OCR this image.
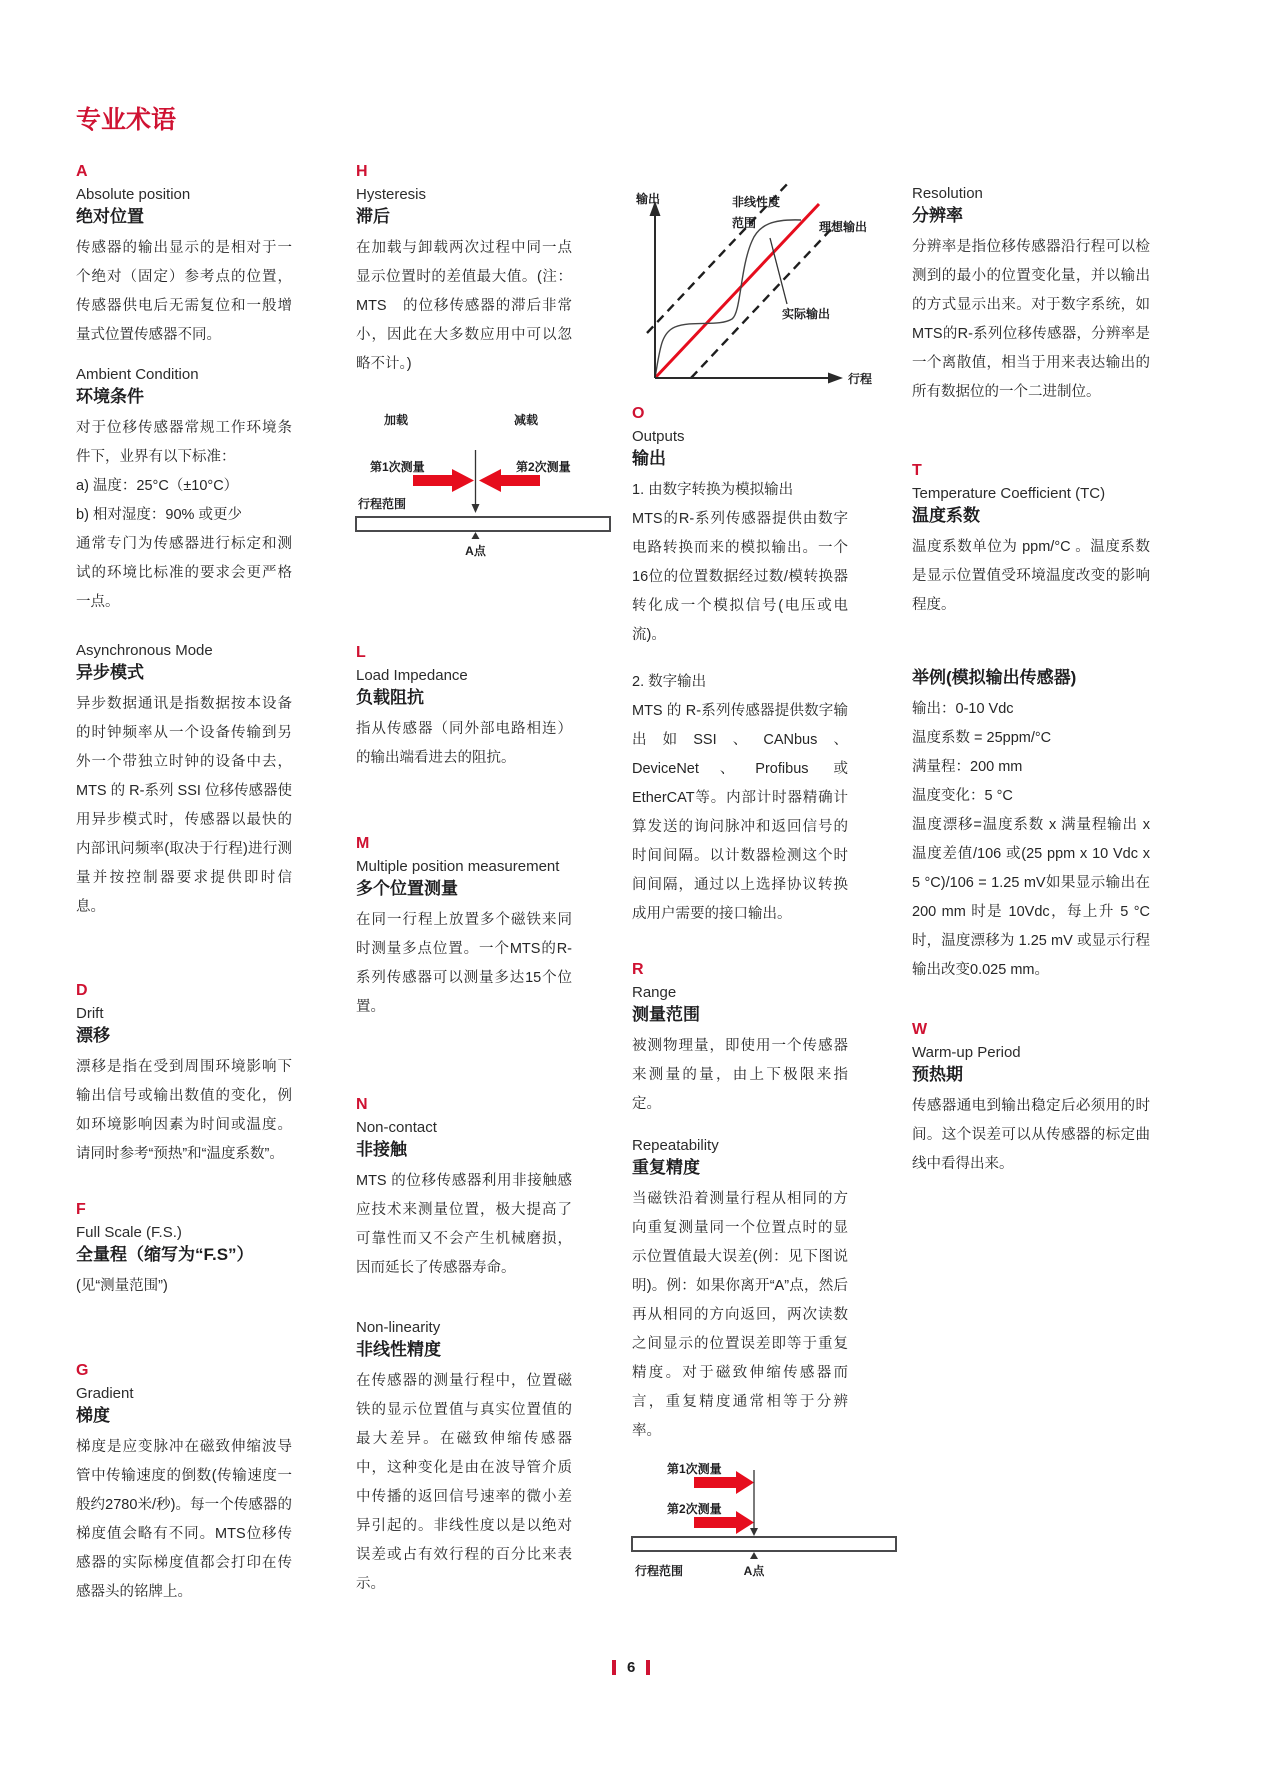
专业术语
A
Absolute position
绝对位置

传感器的输出显示的是相对于一个绝对（固定）参考点的位置，传感器供电后无需复位和一般增量式位置传感器不同。

Ambient Condition
环境条件

对于位移传感器常规工作环境条件下，业界有以下标准：

a) 温度：25°C（±10°C）

b) 相对湿度：90% 或更少

通常专门为传感器进行标定和测试的环境比标准的要求会更严格一点。

Asynchronous Mode
异步模式

异步数据通讯是指数据按本设备的时钟频率从一个设备传输到另外一个带独立时钟的设备中去，MTS 的 R-系列 SSI 位移传感器使用异步模式时，传感器以最快的内部讯问频率(取决于行程)进行测量并按控制器要求提供即时信息。

D
Drift
漂移

漂移是指在受到周围环境影响下输出信号或输出数值的变化，例如环境影响因素为时间或温度。请同时参考“预热”和“温度系数”。

F
Full Scale (F.S.)
全量程（缩写为“F.S”）

(见“测量范围”)

G
Gradient
梯度

梯度是应变脉冲在磁致伸缩波导管中传输速度的倒数(传输速度一般约2780米/秒)。每一个传感器的梯度值会略有不同。MTS位移传感器的实际梯度值都会打印在传感器头的铭牌上。

H
Hysteresis
滞后

在加载与卸载两次过程中同一点显示位置时的差值最大值。(注：MTS　的位移传感器的滞后非常小，因此在大多数应用中可以忽略不计。)

L
Load Impedance
负载阻抗

指从传感器（同外部电路相连）的输出端看进去的阻抗。

M
Multiple position measurement
多个位置测量

在同一行程上放置多个磁铁来同时测量多点位置。一个MTS的R-系列传感器可以测量多达15个位置。

N
Non-contact
非接触

MTS 的位移传感器利用非接触感应技术来测量位置，极大提高了可靠性而又不会产生机械磨损，因而延长了传感器寿命。

Non-linearity
非线性精度

在传感器的测量行程中，位置磁铁的显示位置值与真实位置值的最大差异。在磁致伸缩传感器中，这种变化是由在波导管介质中传播的返回信号速率的微小差异引起的。非线性度以是以绝对误差或占有效行程的百分比来表示。

O
Outputs
输出

1. 由数字转换为模拟输出

MTS的R-系列传感器提供由数字电路转换而来的模拟输出。一个16位的位置数据经过数/模转换器转化成一个模拟信号(电压或电流)。

2. 数字输出

MTS 的 R-系列传感器提供数字输出如SSI、CANbus、DeviceNet、Profibus 或 EtherCAT等。内部计时器精确计算发送的询问脉冲和返回信号的时间间隔。以计数器检测这个时间间隔，通过以上选择协议转换成用户需要的接口输出。

R
Range
测量范围

被测物理量，即使用一个传感器来测量的量，由上下极限来指定。

Repeatability
重复精度

当磁铁沿着测量行程从相同的方向重复测量同一个位置点时的显示位置值最大误差(例：见下图说明)。例：如果你离开“A”点，然后再从相同的方向返回，两次读数之间显示的位置误差即等于重复精度。对于磁致伸缩传感器而言，重复精度通常相等于分辨率。

Resolution
分辨率

分辨率是指位移传感器沿行程可以检测到的最小的位置变化量，并以输出的方式显示出来。对于数字系统，如 MTS的R-系列位移传感器，分辨率是一个离散值，相当于用来表达输出的所有数据位的一个二进制位。

T
Temperature Coefficient (TC)
温度系数

温度系数单位为 ppm/°C 。温度系数是显示位置值受环境温度改变的影响程度。

举例(模拟输出传感器)

输出：0-10 Vdc

温度系数 = 25ppm/°C

满量程：200 mm

温度变化：5 °C

温度漂移=温度系数 x 满量程输出 x 温度差值/106 或(25 ppm x 10 Vdc x 5 °C)/106 = 1.25 mV如果显示输出在 200 mm 时是 10Vdc，每上升 5 °C 时，温度漂移为 1.25 mV 或显示行程输出改变0.025 mm。

W
Warm-up Period
预热期

传感器通电到输出稳定后必须用的时间。这个误差可以从传感器的标定曲线中看得出来。

输出
行程
非线性度
范围	理想输出
实际输出
加载	减载
第1次测量	第2次测量
行程范围
A点
第1次测量
第2次测量
行程范围	A点
6
